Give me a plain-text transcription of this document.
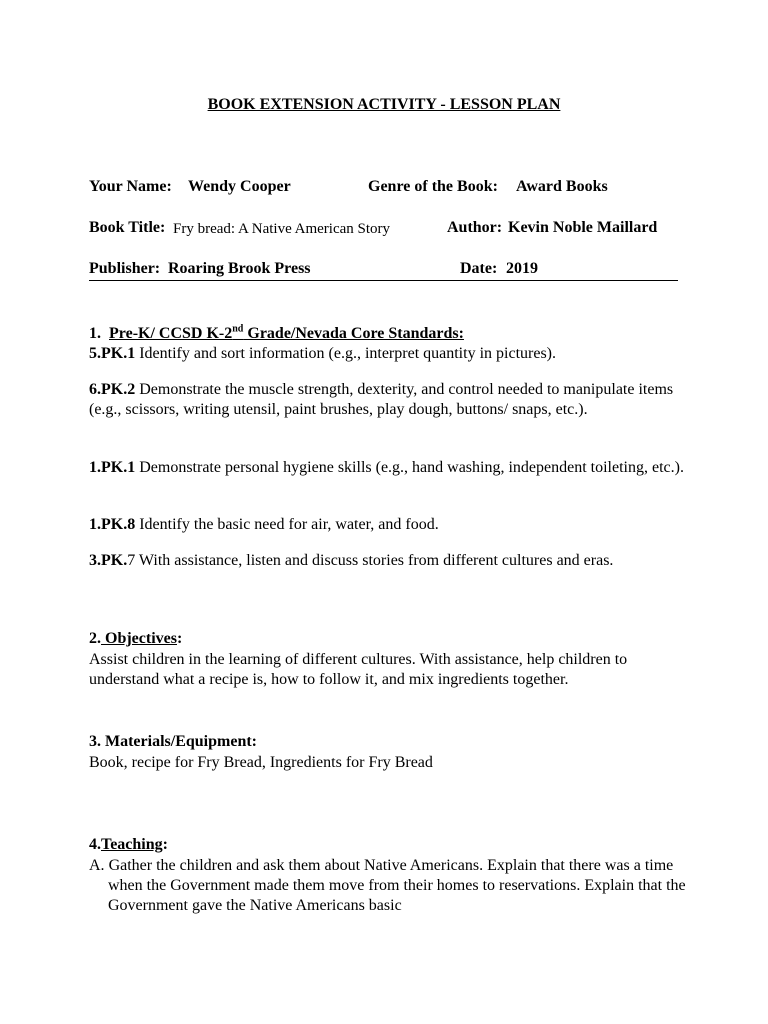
BOOK EXTENSION ACTIVITY - LESSON PLAN
Your Name: Wendy Cooper	Genre of the Book: Award Books
Book Title: Fry bread: A Native American Story	Author: Kevin Noble Maillard
Publisher: Roaring Brook Press	Date: 2019
1. Pre-K/ CCSD K-2nd Grade/Nevada Core Standards:
5.PK.1 Identify and sort information (e.g., interpret quantity in pictures).
6.PK.2 Demonstrate the muscle strength, dexterity, and control needed to manipulate items (e.g., scissors, writing utensil, paint brushes, play dough, buttons/ snaps, etc.).
1.PK.1 Demonstrate personal hygiene skills (e.g., hand washing, independent toileting, etc.).
1.PK.8 Identify the basic need for air, water, and food.
3.PK.7 With assistance, listen and discuss stories from different cultures and eras.
2. Objectives:
Assist children in the learning of different cultures. With assistance, help children to understand what a recipe is, how to follow it, and mix ingredients together.
3. Materials/Equipment:
Book, recipe for Fry Bread, Ingredients for Fry Bread
4.Teaching:
A. Gather the children and ask them about Native Americans. Explain that there was a time when the Government made them move from their homes to reservations. Explain that the Government gave the Native Americans basic
